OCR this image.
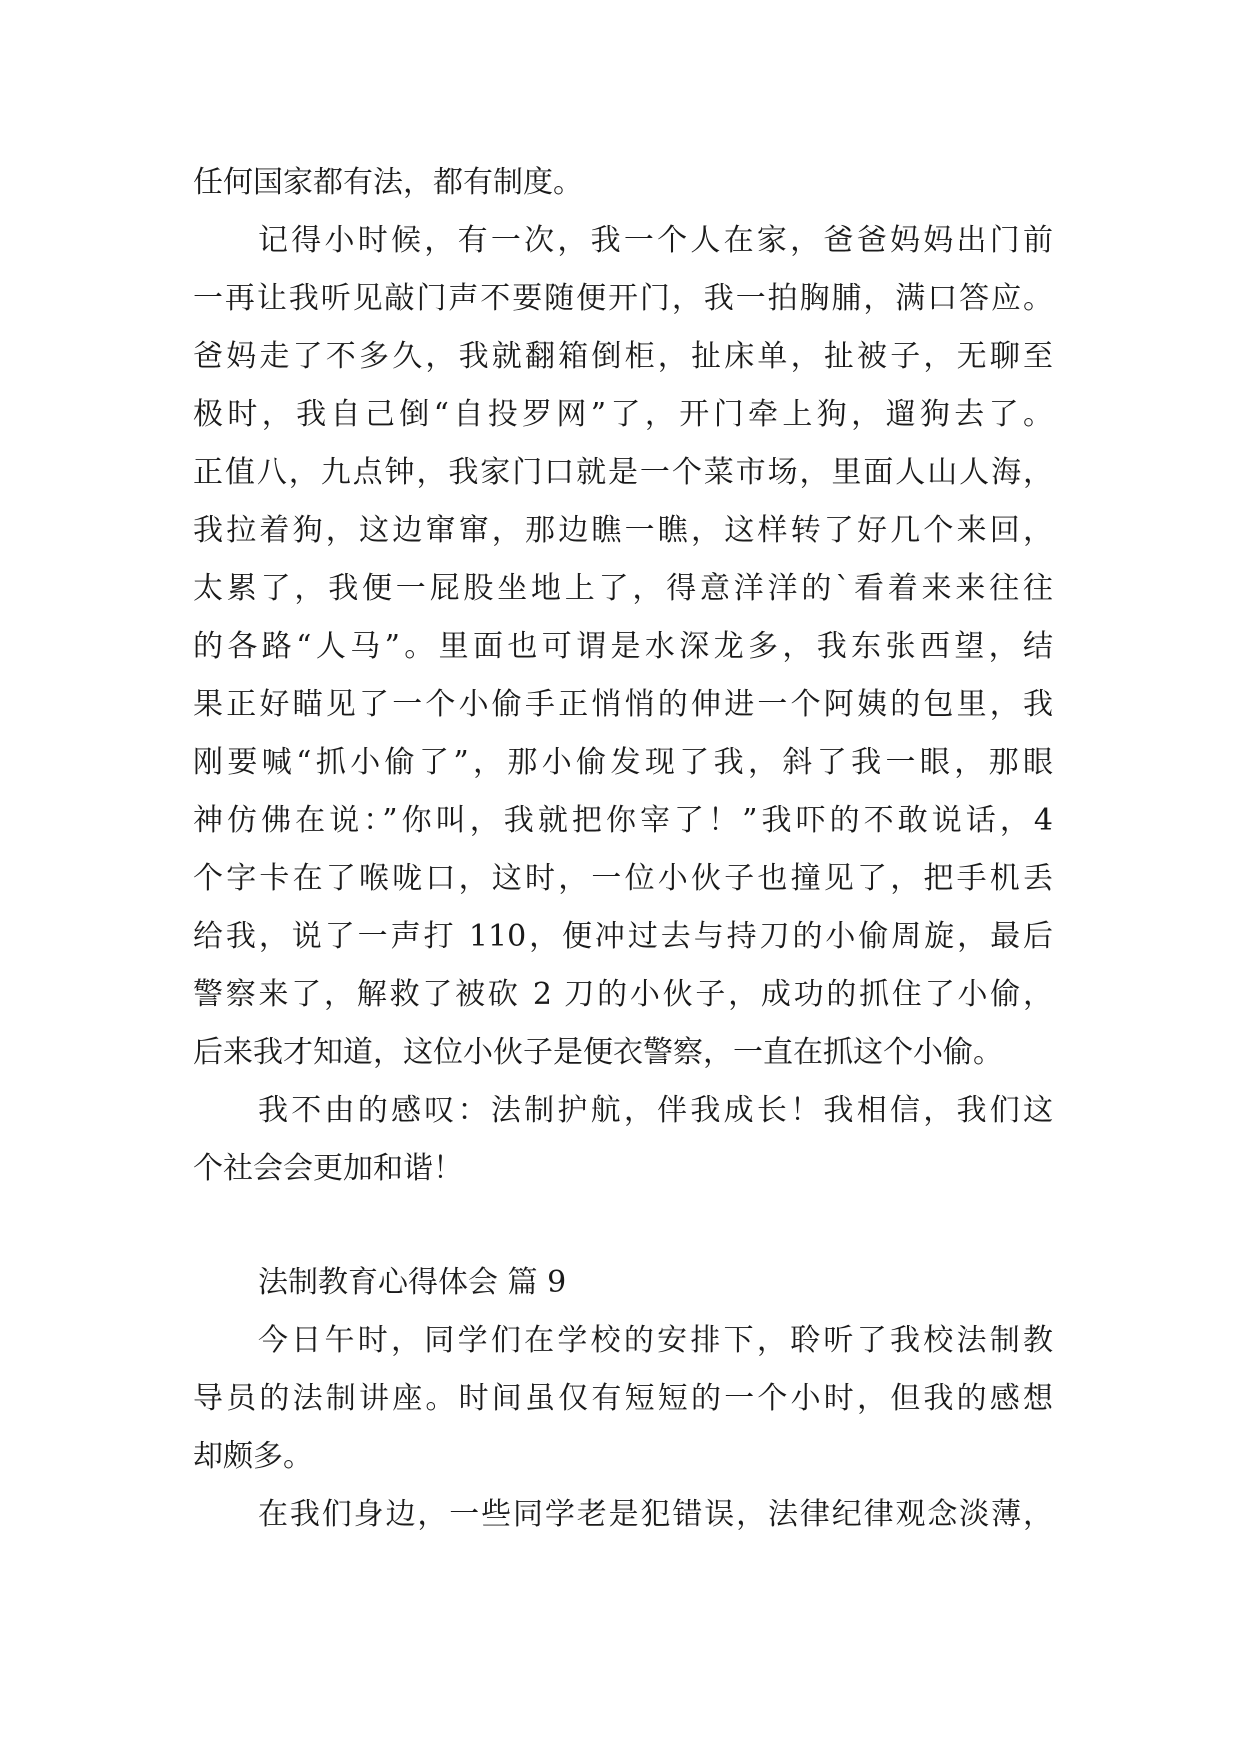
任何国家都有法，都有制度。
记得小时候，有一次，我一个人在家，爸爸妈妈出门前
一再让我听见敲门声不要随便开门，我一拍胸脯，满口答应。
爸妈走了不多久，我就翻箱倒柜，扯床单，扯被子，无聊至
极时，我自己倒“自投罗网”了，开门牵上狗，遛狗去了。
正值八，九点钟，我家门口就是一个菜市场，里面人山人海，
我拉着狗，这边窜窜，那边瞧一瞧，这样转了好几个来回，
太累了，我便一屁股坐地上了，得意洋洋的`看着来来往往
的各路“人马”。里面也可谓是水深龙多，我东张西望，结
果正好瞄见了一个小偷手正悄悄的伸进一个阿姨的包里，我
刚要喊“抓小偷了”，那小偷发现了我，斜了我一眼，那眼
神仿佛在说：”你叫，我就把你宰了！”我吓的不敢说话，4
个字卡在了喉咙口，这时，一位小伙子也撞见了，把手机丢
给我，说了一声打 110，便冲过去与持刀的小偷周旋，最后
警察来了，解救了被砍 2 刀的小伙子，成功的抓住了小偷，
后来我才知道，这位小伙子是便衣警察，一直在抓这个小偷。
我不由的感叹：法制护航，伴我成长！我相信，我们这
个社会会更加和谐！
法制教育心得体会 篇 9
今日午时，同学们在学校的安排下，聆听了我校法制教
导员的法制讲座。时间虽仅有短短的一个小时，但我的感想
却颇多。
在我们身边，一些同学老是犯错误，法律纪律观念淡薄，
